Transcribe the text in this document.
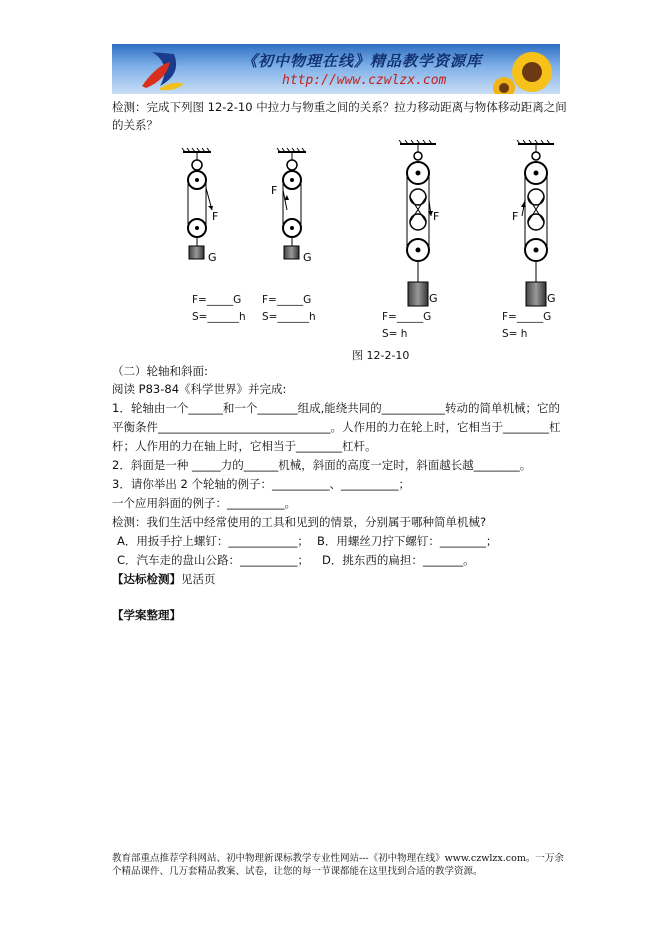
《初中物理在线》精品教学资源库
http://www.czwlzx.com
检测：完成下列图 12-2-10 中拉力与物重之间的关系？拉力移动距离与物体移动距离之间
的关系？
F
G
F
G
F
G
F
G
F=_____G
S=______h
F=_____G
S=______h	F=_____G
S= h
F=_____G
S= h
图 12-2-10
（二）轮轴和斜面:
阅读 P83-84《科学世界》并完成:
1．轮轴由一个______和一个_______组成,能绕共同的___________转动的简单机械；它的
平衡条件______________________________。人作用的力在轮上时，它相当于________杠
杆；人作用的力在轴上时，它相当于________杠杆。
2．斜面是一种 _____力的______机械，斜面的高度一定时，斜面越长越________。
3．请你举出 2 个轮轴的例子：__________、__________；
一个应用斜面的例子：__________。
检测：我们生活中经常使用的工具和见到的情景，分别属于哪种简单机械?
A．用扳手拧上螺钉：____________； B．用螺丝刀拧下螺钉：________；
C．汽车走的盘山公路：__________； D．挑东西的扁担：_______。
【达标检测】见活页
【学案整理】
教育部重点推荐学科网站、初中物理新课标教学专业性网站---《初中物理在线》www.czwlzx.com。一万余
个精品课件、几万套精品教案、试卷，让您的每一节课都能在这里找到合适的教学资源。
